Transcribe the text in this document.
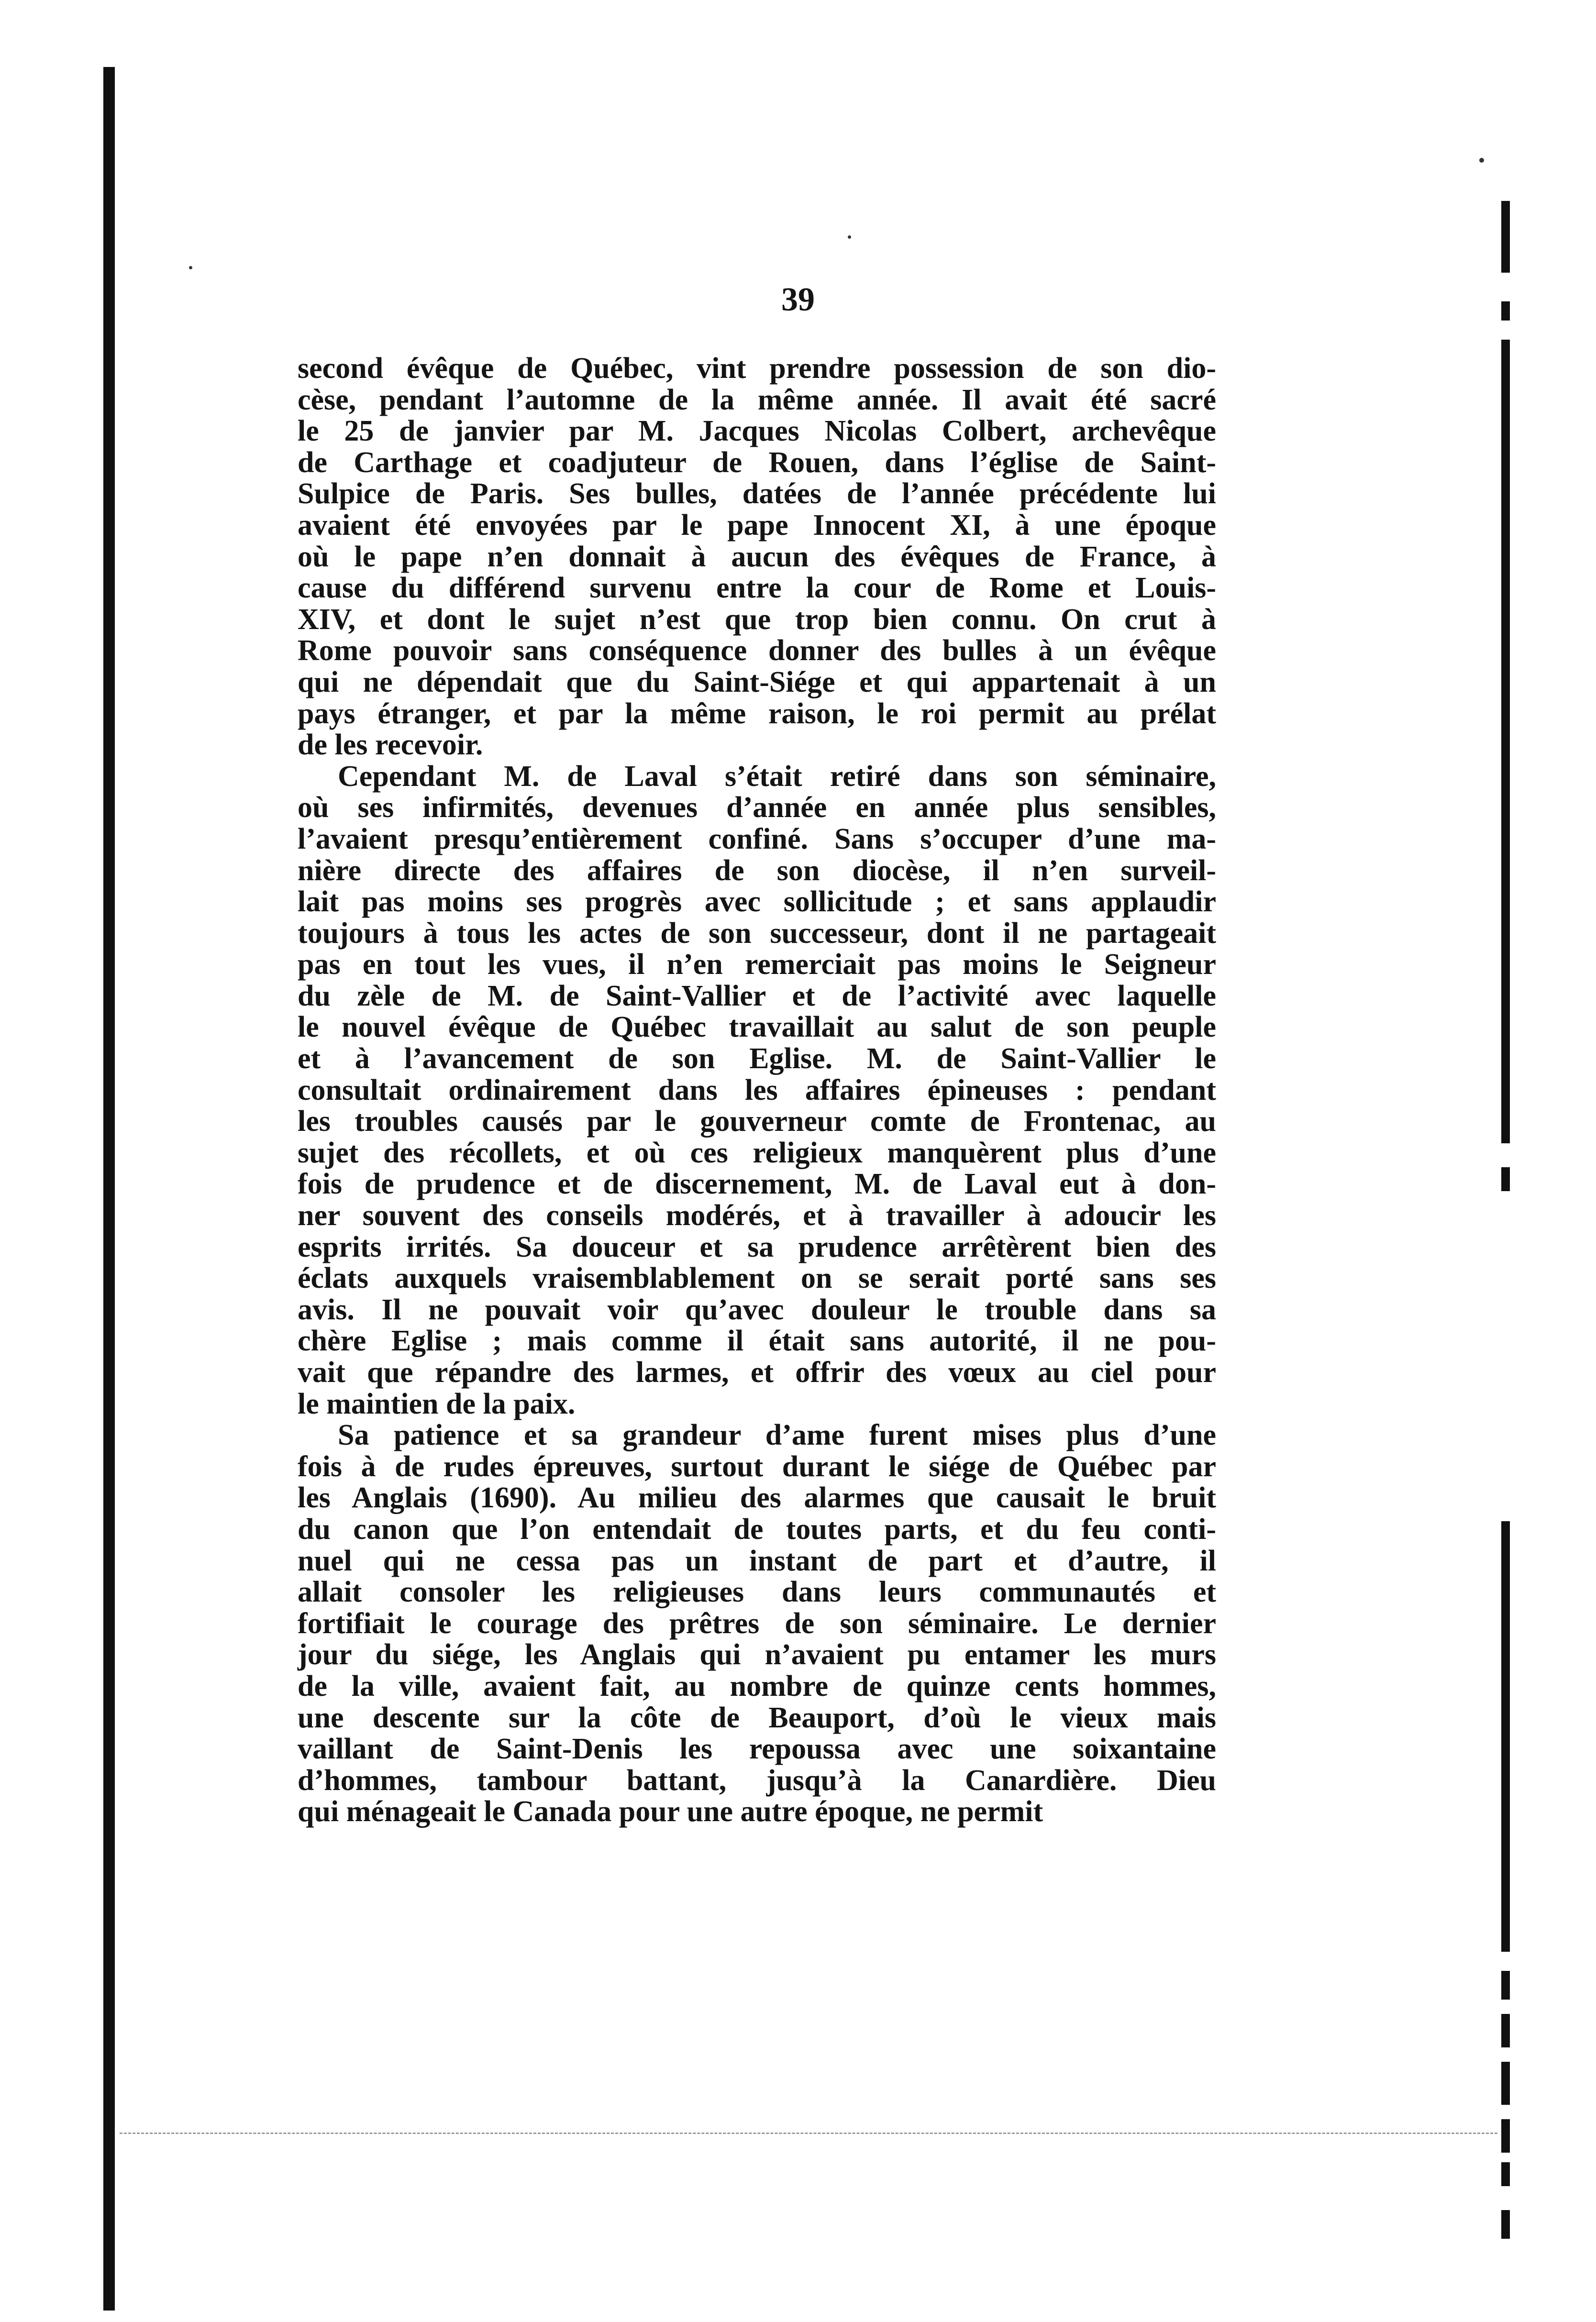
39
second évêque de Québec, vint prendre possession de son dio-
cèse, pendant l’automne de la même année. Il avait été sacré
le 25 de janvier par M. Jacques Nicolas Colbert, archevêque
de Carthage et coadjuteur de Rouen, dans l’église de Saint-
Sulpice de Paris. Ses bulles, datées de l’année précédente lui
avaient été envoyées par le pape Innocent XI, à une époque
où le pape n’en donnait à aucun des évêques de France, à
cause du différend survenu entre la cour de Rome et Louis-
XIV, et dont le sujet n’est que trop bien connu. On crut à
Rome pouvoir sans conséquence donner des bulles à un évêque
qui ne dépendait que du Saint-Siége et qui appartenait à un
pays étranger, et par la même raison, le roi permit au prélat
de les recevoir.
Cependant M. de Laval s’était retiré dans son séminaire,
où ses infirmités, devenues d’année en année plus sensibles,
l’avaient presqu’entièrement confiné. Sans s’occuper d’une ma-
nière directe des affaires de son diocèse, il n’en surveil-
lait pas moins ses progrès avec sollicitude ; et sans applaudir
toujours à tous les actes de son successeur, dont il ne partageait
pas en tout les vues, il n’en remerciait pas moins le Seigneur
du zèle de M. de Saint-Vallier et de l’activité avec laquelle
le nouvel évêque de Québec travaillait au salut de son peuple
et à l’avancement de son Eglise. M. de Saint-Vallier le
consultait ordinairement dans les affaires épineuses : pendant
les troubles causés par le gouverneur comte de Frontenac, au
sujet des récollets, et où ces religieux manquèrent plus d’une
fois de prudence et de discernement, M. de Laval eut à don-
ner souvent des conseils modérés, et à travailler à adoucir les
esprits irrités. Sa douceur et sa prudence arrêtèrent bien des
éclats auxquels vraisemblablement on se serait porté sans ses
avis. Il ne pouvait voir qu’avec douleur le trouble dans sa
chère Eglise ; mais comme il était sans autorité, il ne pou-
vait que répandre des larmes, et offrir des vœux au ciel pour
le maintien de la paix.
Sa patience et sa grandeur d’ame furent mises plus d’une
fois à de rudes épreuves, surtout durant le siége de Québec par
les Anglais (1690). Au milieu des alarmes que causait le bruit
du canon que l’on entendait de toutes parts, et du feu conti-
nuel qui ne cessa pas un instant de part et d’autre, il
allait consoler les religieuses dans leurs communautés et
fortifiait le courage des prêtres de son séminaire. Le dernier
jour du siége, les Anglais qui n’avaient pu entamer les murs
de la ville, avaient fait, au nombre de quinze cents hommes,
une descente sur la côte de Beauport, d’où le vieux mais
vaillant de Saint-Denis les repoussa avec une soixantaine
d’hommes, tambour battant, jusqu’à la Canardière. Dieu
qui ménageait le Canada pour une autre époque, ne permit
